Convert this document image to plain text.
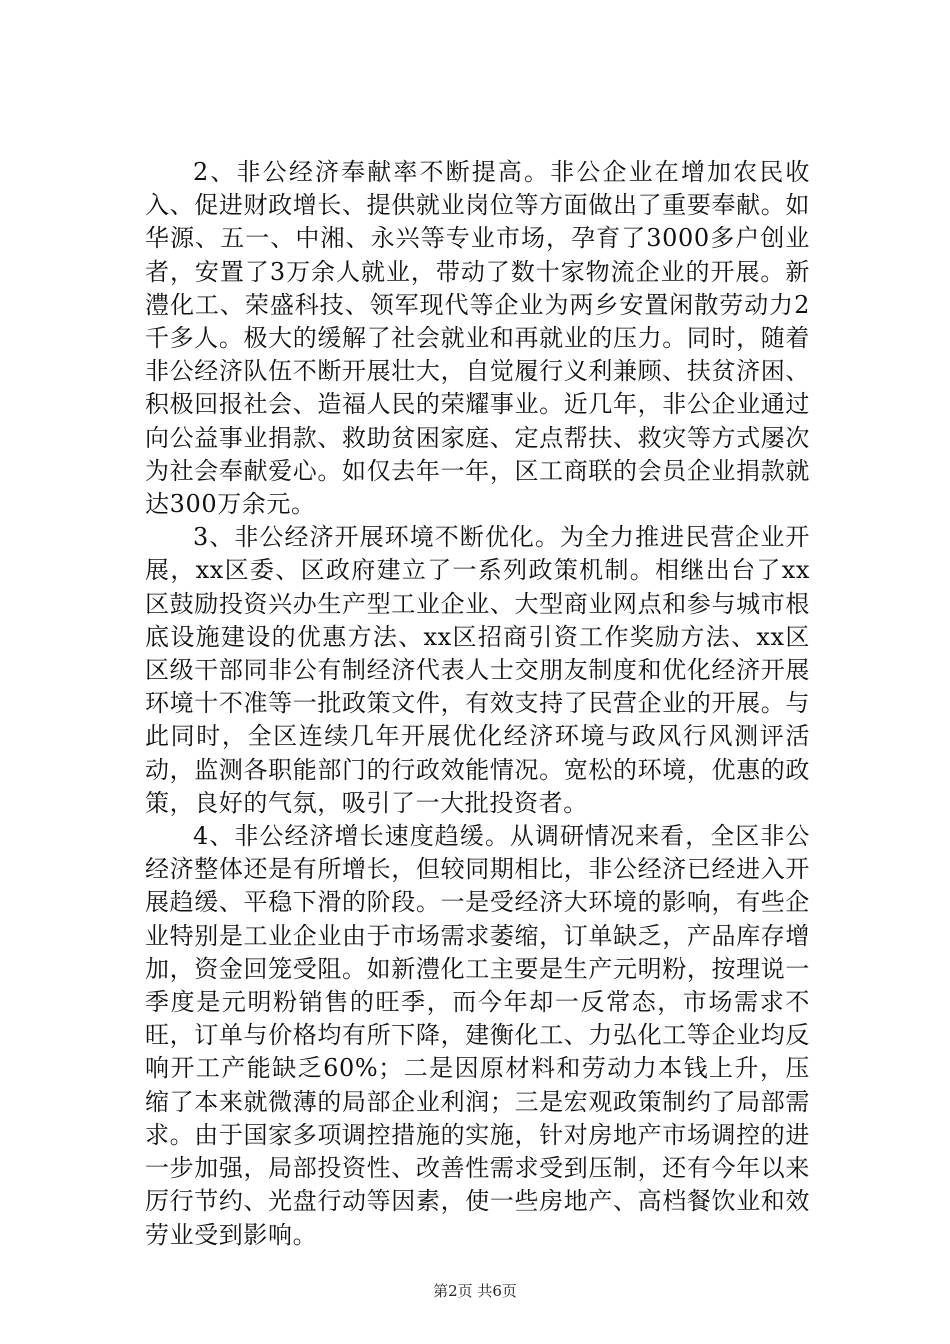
2、非公经济奉献率不断提高。非公企业在增加农民收入、促进财政增长、提供就业岗位等方面做出了重要奉献。如华源、五一、中湘、永兴等专业市场，孕育了3000多户创业者，安置了3万余人就业，带动了数十家物流企业的开展。新澧化工、荣盛科技、领军现代等企业为两乡安置闲散劳动力2千多人。极大的缓解了社会就业和再就业的压力。同时，随着非公经济队伍不断开展壮大，自觉履行义利兼顾、扶贫济困、积极回报社会、造福人民的荣耀事业。近几年，非公企业通过向公益事业捐款、救助贫困家庭、定点帮扶、救灾等方式屡次为社会奉献爱心。如仅去年一年，区工商联的会员企业捐款就达300万余元。

3、非公经济开展环境不断优化。为全力推进民营企业开展，xx区委、区政府建立了一系列政策机制。相继出台了xx区鼓励投资兴办生产型工业企业、大型商业网点和参与城市根底设施建设的优惠方法、xx区招商引资工作奖励方法、xx区区级干部同非公有制经济代表人士交朋友制度和优化经济开展环境十不准等一批政策文件，有效支持了民营企业的开展。与此同时，全区连续几年开展优化经济环境与政风行风测评活动，监测各职能部门的行政效能情况。宽松的环境，优惠的政策，良好的气氛，吸引了一大批投资者。

4、非公经济增长速度趋缓。从调研情况来看，全区非公经济整体还是有所增长，但较同期相比，非公经济已经进入开展趋缓、平稳下滑的阶段。一是受经济大环境的影响，有些企业特别是工业企业由于市场需求萎缩，订单缺乏，产品库存增加，资金回笼受阻。如新澧化工主要是生产元明粉，按理说一季度是元明粉销售的旺季，而今年却一反常态，市场需求不旺，订单与价格均有所下降，建衡化工、力弘化工等企业均反响开工产能缺乏60%；二是因原材料和劳动力本钱上升，压缩了本来就微薄的局部企业利润；三是宏观政策制约了局部需求。由于国家多项调控措施的实施，针对房地产市场调控的进一步加强，局部投资性、改善性需求受到压制，还有今年以来厉行节约、光盘行动等因素，使一些房地产、高档餐饮业和效劳业受到影响。

第2页 共6页
